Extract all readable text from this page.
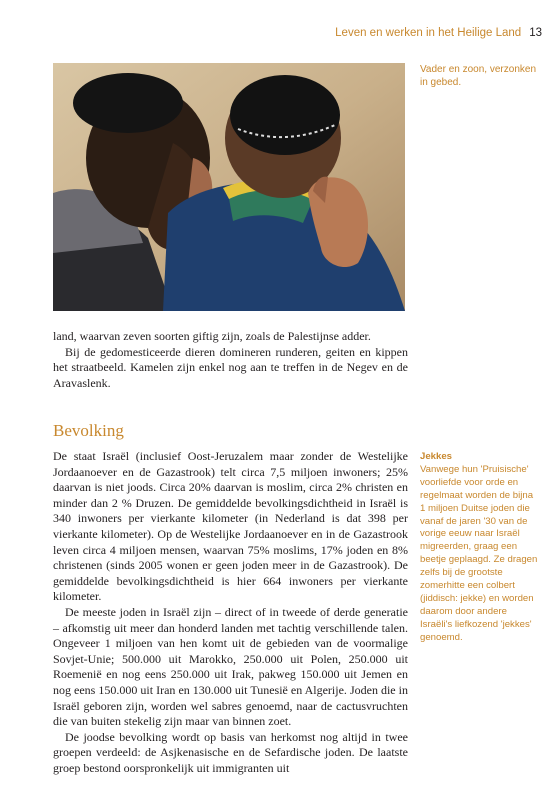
Leven en werken in het Heilige Land 13
Vader en zoon, verzonken in gebed.

land, waarvan zeven soorten giftig zijn, zoals de Palestijnse adder.

Bij de gedomesticeerde dieren domineren runderen, geiten en kippen het straatbeeld. Kamelen zijn enkel nog aan te treffen in de Negev en de Aravaslenk.

Bevolking

De staat Israël (inclusief Oost-Jeruzalem maar zonder de Westelijke Jordaanoever en de Gazastrook) telt circa 7,5 miljoen inwoners; 25% daarvan is niet joods. Circa 20% daarvan is moslim, circa 2% christen en minder dan 2 % Druzen. De gemiddelde bevolkingsdichtheid in Israël is 340 inwoners per vierkante kilometer (in Nederland is dat 398 per vierkante kilometer). Op de Westelijke Jordaanoever en in de Gazastrook leven circa 4 miljoen mensen, waarvan 75% moslims, 17% joden en 8% christenen (sinds 2005 wonen er geen joden meer in de Gazastrook). De gemiddelde bevolkingsdichtheid is hier 664 inwoners per vierkante kilometer.

De meeste joden in Israël zijn – direct of in tweede of derde generatie – afkomstig uit meer dan honderd landen met tachtig verschillende talen. Ongeveer 1 miljoen van hen komt uit de gebieden van de voormalige Sovjet-Unie; 500.000 uit Marokko, 250.000 uit Polen, 250.000 uit Roemenië en nog eens 250.000 uit Irak, pakweg 150.000 uit Jemen en nog eens 150.000 uit Iran en 130.000 uit Tunesië en Algerije. Joden die in Israël geboren zijn, worden wel sabres genoemd, naar de cactusvruchten die van buiten stekelig zijn maar van binnen zoet.

De joodse bevolking wordt op basis van herkomst nog altijd in twee groepen verdeeld: de Asjkenasische en de Sefardische joden. De laatste groep bestond oorspronkelijk uit immigranten uit

Jekkes

Vanwege hun 'Pruisische' voorliefde voor orde en regelmaat worden de bijna 1 miljoen Duitse joden die vanaf de jaren '30 van de vorige eeuw naar Israël migreerden, graag een beetje geplaagd. Ze dragen zelfs bij de grootste zomerhitte een colbert (jiddisch: jekke) en worden daarom door andere Israëli's liefkozend 'jekkes' genoemd.
